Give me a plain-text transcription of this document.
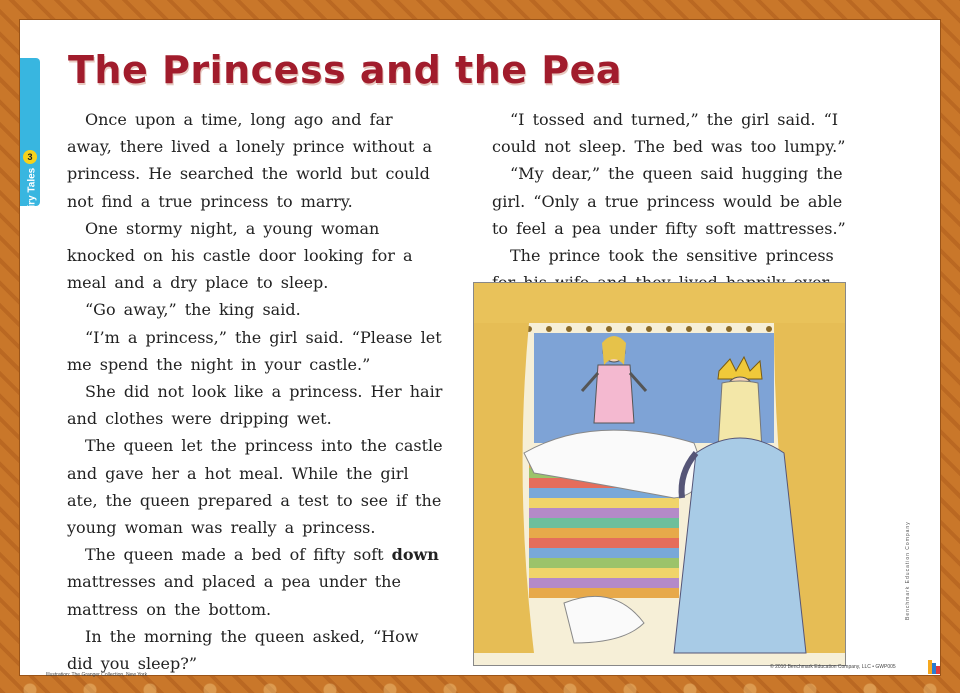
3
Fairy Tales
The Princess and the Pea

Once upon a time, long ago and far away, there lived a lonely prince without a princess. He searched the world but could not find a true princess to marry.

One stormy night, a young woman knocked on his castle door looking for a meal and a dry place to sleep.

“Go away,” the king said.

“I’m a princess,” the girl said. “Please let me spend the night in your castle.”

She did not look like a princess. Her hair and clothes were dripping wet.

The queen let the princess into the castle and gave her a hot meal. While the girl ate, the queen prepared a test to see if the young woman was really a princess.

The queen made a bed of fifty soft down mattresses and placed a pea under the mattress on the bottom.

In the morning the queen asked, “How did you sleep?”

“I tossed and turned,” the girl said. “I could not sleep. The bed was too lumpy.”

“My dear,” the queen said hugging the girl. “Only a true princess would be able to feel a pea under fifty soft mattresses.”

The prince took the sensitive princess

Illustration: The Granger Collection, New York
© 2010 Benchmark Education Company, LLC • GWP005
Benchmark Education Company
